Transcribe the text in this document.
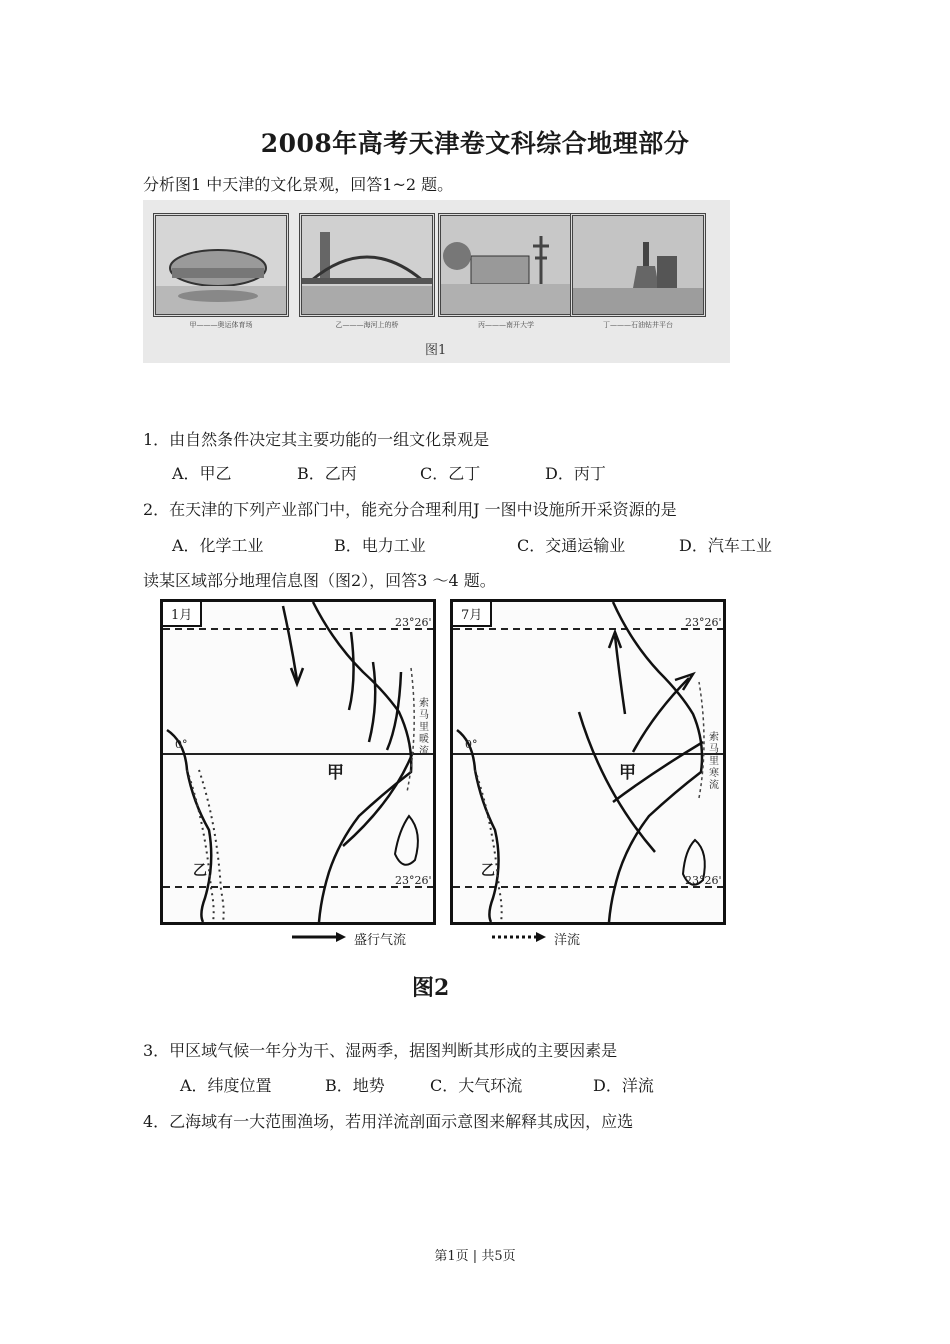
2008年高考天津卷文科综合地理部分
分析图1 中天津的文化景观，回答1~2 题。
甲———奥运体育场	乙———海河上的桥	丙———南开大学	丁———石油钻井平台
图1
1．由自然条件决定其主要功能的一组文化景观是
A．甲乙	B．乙丙	C．乙丁	D．丙丁
2．在天津的下列产业部门中，能充分合理利用J 一图中设施所开采资源的是
A．化学工业	B．电力工业	C．交通运输业	D．汽车工业
读某区域部分地理信息图（图2），回答3 ～4 题。
1月	23°26'
0°
23°26'
甲
乙
索马里暖流
7月	23°26'
0°
23°26'
甲
乙
索马里寒流
盛行气流	洋流
图2
3．甲区域气候一年分为干、湿两季，据图判断其形成的主要因素是
A．纬度位置	B．地势	C．大气环流	D．洋流
4．乙海域有一大范围渔场，若用洋流剖面示意图来解释其成因，应选
第1页 | 共5页
